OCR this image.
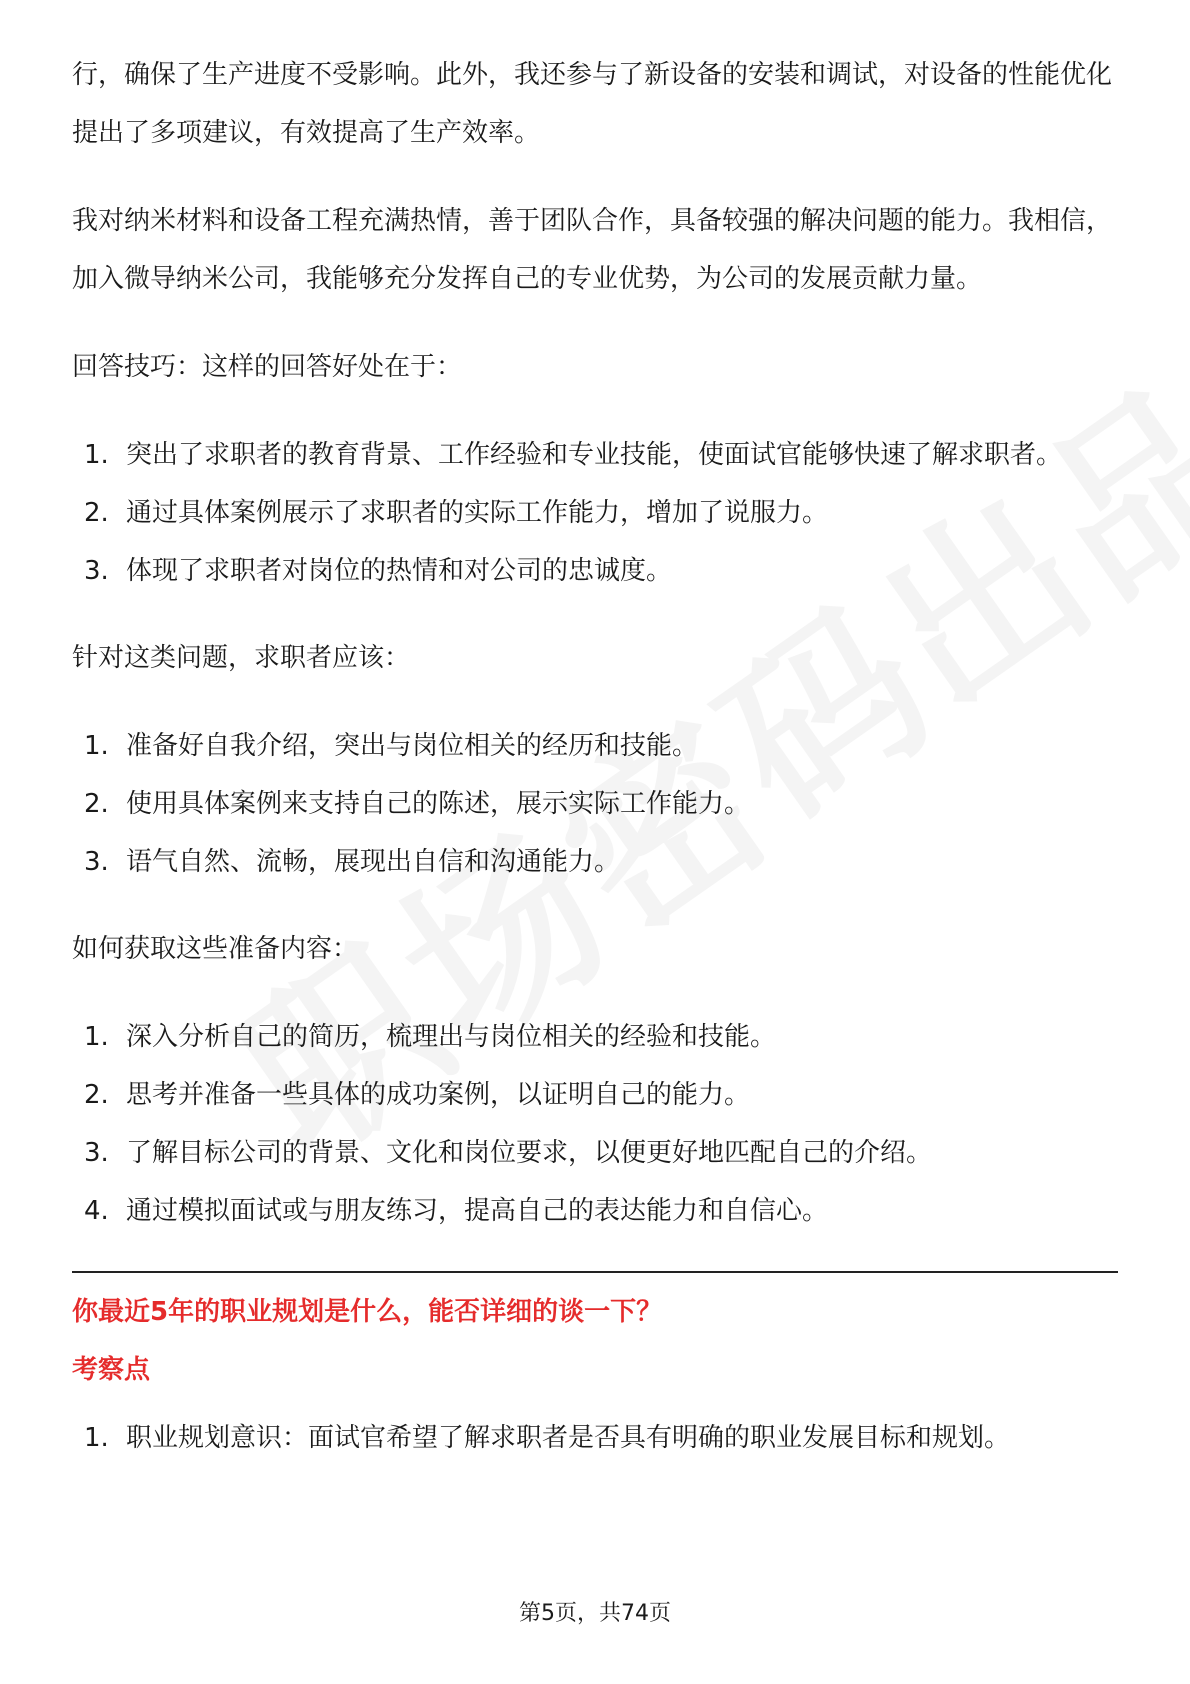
行，确保了生产进度不受影响。此外，我还参与了新设备的安装和调试，对设备的性能优化提出了多项建议，有效提高了生产效率。

我对纳米材料和设备工程充满热情，善于团队合作，具备较强的解决问题的能力。我相信，加入微导纳米公司，我能够充分发挥自己的专业优势，为公司的发展贡献力量。

回答技巧：这样的回答好处在于：

1. 突出了求职者的教育背景、工作经验和专业技能，使面试官能够快速了解求职者。
2. 通过具体案例展示了求职者的实际工作能力，增加了说服力。
3. 体现了求职者对岗位的热情和对公司的忠诚度。

针对这类问题，求职者应该：

1. 准备好自我介绍，突出与岗位相关的经历和技能。
2. 使用具体案例来支持自己的陈述，展示实际工作能力。
3. 语气自然、流畅，展现出自信和沟通能力。

如何获取这些准备内容：

1. 深入分析自己的简历，梳理出与岗位相关的经验和技能。
2. 思考并准备一些具体的成功案例，以证明自己的能力。
3. 了解目标公司的背景、文化和岗位要求，以便更好地匹配自己的介绍。
4. 通过模拟面试或与朋友练习，提高自己的表达能力和自信心。

你最近5年的职业规划是什么，能否详细的谈一下？

考察点

1. 职业规划意识：面试官希望了解求职者是否具有明确的职业发展目标和规划。
第5页，共74页
